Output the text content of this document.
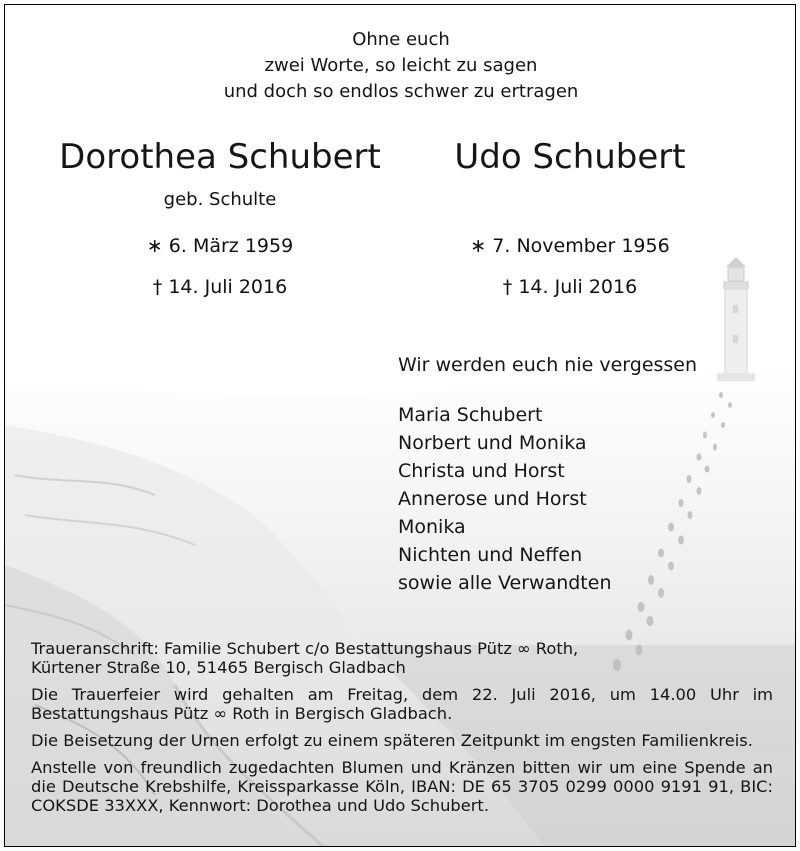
Ohne euch
zwei Worte, so leicht zu sagen
und doch so endlos schwer zu ertragen
Dorothea Schubert
geb. Schulte
∗ 6. März 1959
† 14. Juli 2016
Udo Schubert
∗ 7. November 1956
† 14. Juli 2016
Wir werden euch nie vergessen
Maria Schubert
Norbert und Monika
Christa und Horst
Annerose und Horst
Monika
Nichten und Neffen
sowie alle Verwandten

Traueranschrift: Familie Schubert c/o Bestattungshaus Pütz ∞ Roth,
Kürtener Straße 10, 51465 Bergisch Gladbach

Die Trauerfeier wird gehalten am Freitag, dem 22. Juli 2016, um 14.00 Uhr im Bestattungshaus Pütz ∞ Roth in Bergisch Gladbach.

Die Beisetzung der Urnen erfolgt zu einem späteren Zeitpunkt im engsten Familienkreis.

Anstelle von freundlich zugedachten Blumen und Kränzen bitten wir um eine Spende an die Deutsche Krebshilfe, Kreissparkasse Köln, IBAN: DE 65 3705 0299 0000 9191 91, BIC: COKSDE 33XXX, Kennwort: Dorothea und Udo Schubert.
